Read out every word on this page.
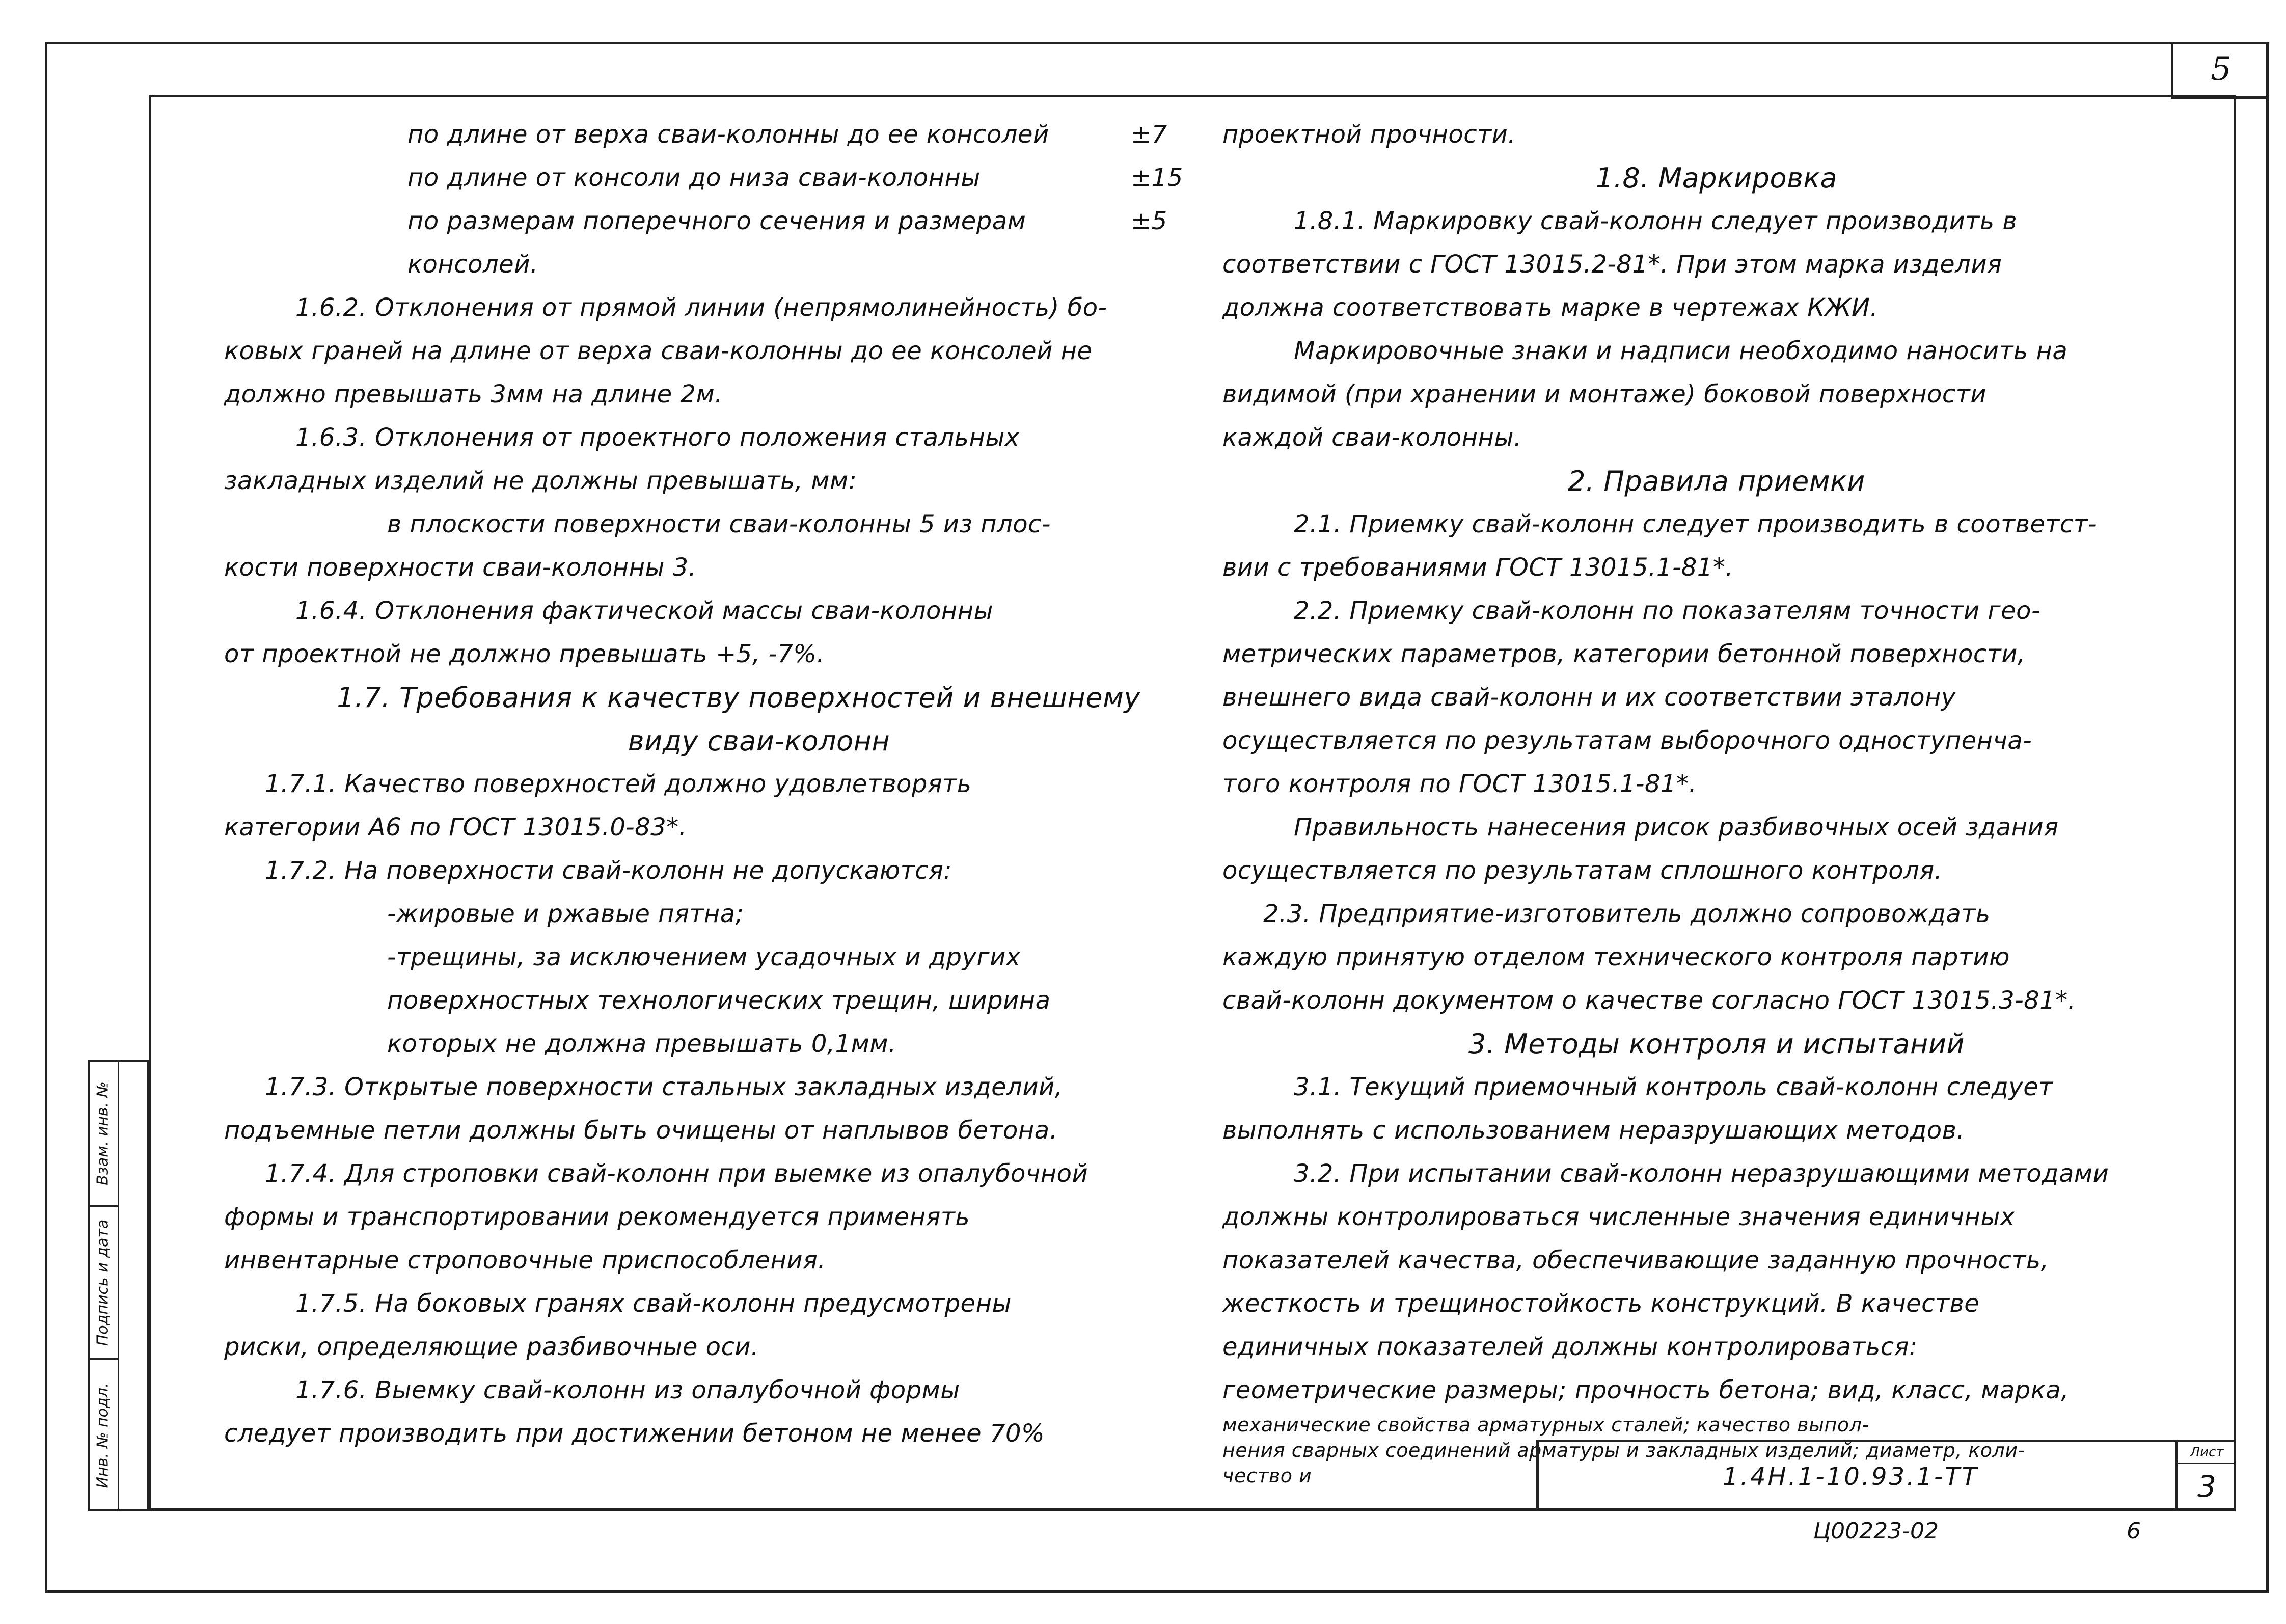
5
по длине от верха сваи-колонны до ее консолей	±7
по длине от консоли до низа сваи-колонны	±15
по размерам поперечного сечения и размерам	±5
консолей.
1.6.2. Отклонения от прямой линии (непрямолинейность) бо-
ковых граней на длине от верха сваи-колонны до ее консолей не
должно превышать 3мм на длине 2м.
1.6.3. Отклонения от проектного положения стальных
закладных изделий не должны превышать, мм:
в плоскости поверхности сваи-колонны 5 из плос-
кости поверхности сваи-колонны 3.
1.6.4. Отклонения фактической массы сваи-колонны
от проектной не должно превышать +5, -7%.
1.7. Требования к качеству поверхностей и внешнему
виду сваи-колонн
1.7.1. Качество поверхностей должно удовлетворять
категории А6 по ГОСТ 13015.0-83*.
1.7.2. На поверхности свай-колонн не допускаются:
-жировые и ржавые пятна;
-трещины, за исключением усадочных и других
поверхностных технологических трещин, ширина
которых не должна превышать 0,1мм.
1.7.3. Открытые поверхности стальных закладных изделий,
подъемные петли должны быть очищены от наплывов бетона.
1.7.4. Для строповки свай-колонн при выемке из опалубочной
формы и транспортировании рекомендуется применять
инвентарные строповочные приспособления.
1.7.5. На боковых гранях свай-колонн предусмотрены
риски, определяющие разбивочные оси.
1.7.6. Выемку свай-колонн из опалубочной формы
следует производить при достижении бетоном не менее 70%
проектной прочности.
1.8. Маркировка
1.8.1. Маркировку свай-колонн следует производить в
соответствии с ГОСТ 13015.2-81*. При этом марка изделия
должна соответствовать марке в чертежах КЖИ.
Маркировочные знаки и надписи необходимо наносить на
видимой (при хранении и монтаже) боковой поверхности
каждой сваи-колонны.
2. Правила приемки
2.1. Приемку свай-колонн следует производить в соответст-
вии с требованиями ГОСТ 13015.1-81*.
2.2. Приемку свай-колонн по показателям точности гео-
метрических параметров, категории бетонной поверхности,
внешнего вида свай-колонн и их соответствии эталону
осуществляется по результатам выборочного одноступенча-
того контроля по ГОСТ 13015.1-81*.
Правильность нанесения рисок разбивочных осей здания
осуществляется по результатам сплошного контроля.
2.3. Предприятие-изготовитель должно сопровождать
каждую принятую отделом технического контроля партию
свай-колонн документом о качестве согласно ГОСТ 13015.3-81*.
3. Методы контроля и испытаний
3.1. Текущий приемочный контроль свай-колонн следует
выполнять с использованием неразрушающих методов.
3.2. При испытании свай-колонн неразрушающими методами
должны контролироваться численные значения единичных
показателей качества, обеспечивающие заданную прочность,
жесткость и трещиностойкость конструкций. В качестве
единичных показателей должны контролироваться:
геометрические размеры; прочность бетона; вид, класс, марка,
механические свойства арматурных сталей; качество выпол-
нения сварных соединений арматуры и закладных изделий; диаметр, коли-
чество и
Инв. № подл.
Подпись и дата
Взам. инв. №
1.4Н.1-10.93.1-ТТ
Лист
3
Ц00223-02	6
